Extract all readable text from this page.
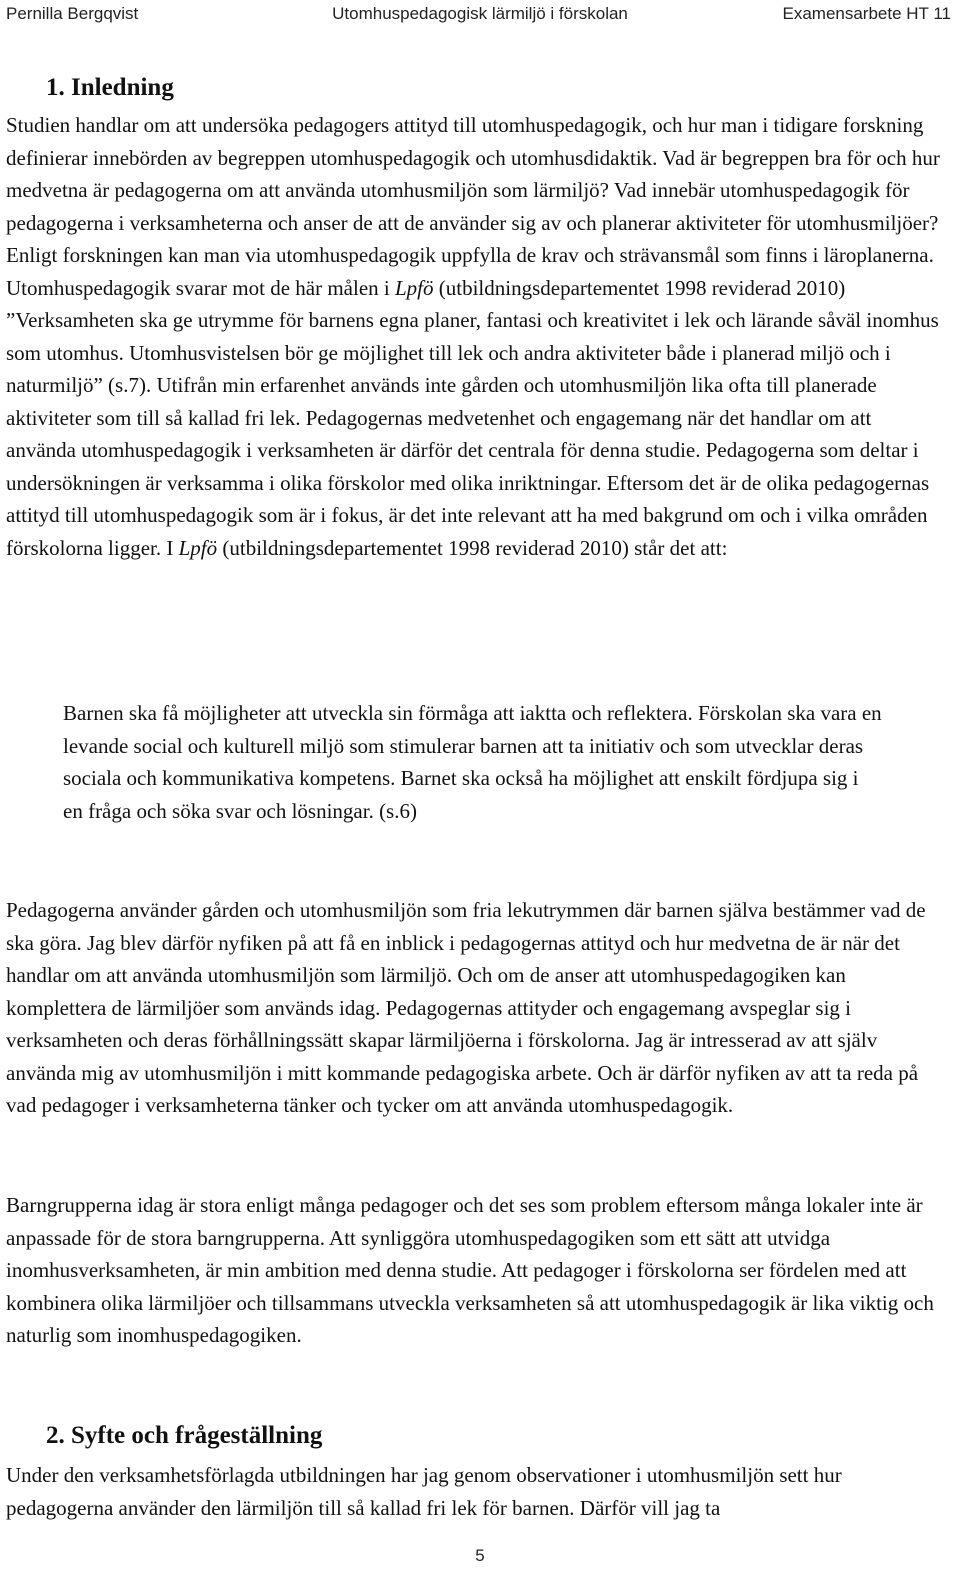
Pernilla Bergqvist	Utomhuspedagogisk lärmiljö i förskolan	Examensarbete HT 11
1. Inledning

Studien handlar om att undersöka pedagogers attityd till utomhuspedagogik, och hur man i tidigare forskning definierar innebörden av begreppen utomhuspedagogik och utomhusdidaktik. Vad är begreppen bra för och hur medvetna är pedagogerna om att använda utomhusmiljön som lärmiljö? Vad innebär utomhuspedagogik för pedagogerna i verksamheterna och anser de att de använder sig av och planerar aktiviteter för utomhusmiljöer? Enligt forskningen kan man via utomhuspedagogik uppfylla de krav och strävansmål som finns i läroplanerna. Utomhuspedagogik svarar mot de här målen i Lpfö (utbildningsdepartementet 1998 reviderad 2010) ”Verksamheten ska ge utrymme för barnens egna planer, fantasi och kreativitet i lek och lärande såväl inomhus som utomhus. Utomhusvistelsen bör ge möjlighet till lek och andra aktiviteter både i planerad miljö och i naturmiljö” (s.7). Utifrån min erfarenhet används inte gården och utomhusmiljön lika ofta till planerade aktiviteter som till så kallad fri lek. Pedagogernas medvetenhet och engagemang när det handlar om att använda utomhuspedagogik i verksamheten är därför det centrala för denna studie. Pedagogerna som deltar i undersökningen är verksamma i olika förskolor med olika inriktningar. Eftersom det är de olika pedagogernas attityd till utomhuspedagogik som är i fokus, är det inte relevant att ha med bakgrund om och i vilka områden förskolorna ligger. I Lpfö (utbildningsdepartementet 1998 reviderad 2010) står det att:

Barnen ska få möjligheter att utveckla sin förmåga att iaktta och reflektera. Förskolan ska vara en levande social och kulturell miljö som stimulerar barnen att ta initiativ och som utvecklar deras sociala och kommunikativa kompetens. Barnet ska också ha möjlighet att enskilt fördjupa sig i en fråga och söka svar och lösningar. (s.6)
Pedagogerna använder gården och utomhusmiljön som fria lekutrymmen där barnen själva bestämmer vad de ska göra. Jag blev därför nyfiken på att få en inblick i pedagogernas attityd och hur medvetna de är när det handlar om att använda utomhusmiljön som lärmiljö. Och om de anser att utomhuspedagogiken kan komplettera de lärmiljöer som används idag. Pedagogernas attityder och engagemang avspeglar sig i verksamheten och deras förhållningssätt skapar lärmiljöerna i förskolorna. Jag är intresserad av att själv använda mig av utomhusmiljön i mitt kommande pedagogiska arbete. Och är därför nyfiken av att ta reda på vad pedagoger i verksamheterna tänker och tycker om att använda utomhuspedagogik.
Barngrupperna idag är stora enligt många pedagoger och det ses som problem eftersom många lokaler inte är anpassade för de stora barngrupperna. Att synliggöra utomhuspedagogiken som ett sätt att utvidga inomhusverksamheten, är min ambition med denna studie. Att pedagoger i förskolorna ser fördelen med att kombinera olika lärmiljöer och tillsammans utveckla verksamheten så att utomhuspedagogik är lika viktig och naturlig som inomhuspedagogiken.
2. Syfte och frågeställning
Under den verksamhetsförlagda utbildningen har jag genom observationer i utomhusmiljön sett hur pedagogerna använder den lärmiljön till så kallad fri lek för barnen. Därför vill jag ta
5
